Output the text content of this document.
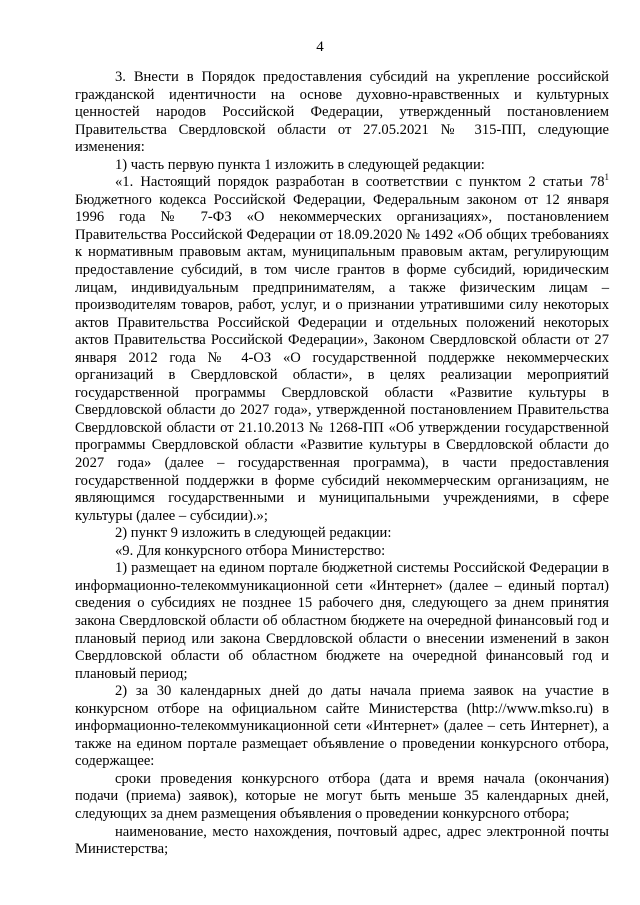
4

3. Внести в Порядок предоставления субсидий на укрепление российской гражданской идентичности на основе духовно-нравственных и культурных ценностей народов Российской Федерации, утвержденный постановлением Правительства Свердловской области от 27.05.2021 № 315-ПП, следующие изменения:

1) часть первую пункта 1 изложить в следующей редакции:

«1. Настоящий порядок разработан в соответствии с пунктом 2 статьи $78^1$ Бюджетного кодекса Российской Федерации, Федеральным законом от 12 января 1996 года № 7-ФЗ «О некоммерческих организациях», постановлением Правительства Российской Федерации от 18.09.2020 № 1492 «Об общих требованиях к нормативным правовым актам, муниципальным правовым актам, регулирующим предоставление субсидий, в том числе грантов в форме субсидий, юридическим лицам, индивидуальным предпринимателям, а также физическим лицам – производителям товаров, работ, услуг, и о признании утратившими силу некоторых актов Правительства Российской Федерации и отдельных положений некоторых актов Правительства Российской Федерации», Законом Свердловской области от 27 января 2012 года № 4-ОЗ «О государственной поддержке некоммерческих организаций в Свердловской области», в целях реализации мероприятий государственной программы Свердловской области «Развитие культуры в Свердловской области до 2027 года», утвержденной постановлением Правительства Свердловской области от 21.10.2013 № 1268-ПП «Об утверждении государственной программы Свердловской области «Развитие культуры в Свердловской области до 2027 года» (далее – государственная программа), в части предоставления государственной поддержки в форме субсидий некоммерческим организациям, не являющимся государственными и муниципальными учреждениями, в сфере культуры (далее – субсидии).»;

2) пункт 9 изложить в следующей редакции:

«9. Для конкурсного отбора Министерство:

1) размещает на едином портале бюджетной системы Российской Федерации в информационно-телекоммуникационной сети «Интернет» (далее – единый портал) сведения о субсидиях не позднее 15 рабочего дня, следующего за днем принятия закона Свердловской области об областном бюджете на очередной финансовый год и плановый период или закона Свердловской области о внесении изменений в закон Свердловской области об областном бюджете на очередной финансовый год и плановый период;

2) за 30 календарных дней до даты начала приема заявок на участие в конкурсном отборе на официальном сайте Министерства (http://www.mkso.ru) в информационно-телекоммуникационной сети «Интернет» (далее – сеть Интернет), а также на едином портале размещает объявление о проведении конкурсного отбора, содержащее:

сроки проведения конкурсного отбора (дата и время начала (окончания) подачи (приема) заявок), которые не могут быть меньше 35 календарных дней, следующих за днем размещения объявления о проведении конкурсного отбора;

наименование, место нахождения, почтовый адрес, адрес электронной почты Министерства;
